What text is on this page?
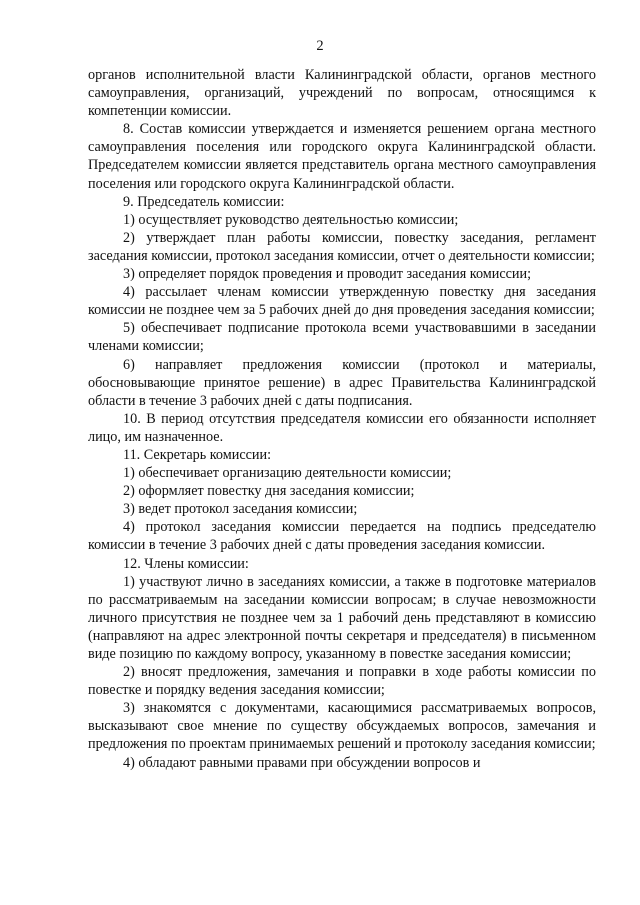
2

органов исполнительной власти Калининградской области, органов местного самоуправления, организаций, учреждений по вопросам, относящимся к компетенции комиссии.

8. Состав комиссии утверждается и изменяется решением органа местного самоуправления поселения или городского округа Калининградской области. Председателем комиссии является представитель органа местного самоуправления поселения или городского округа Калининградской области.

9. Председатель комиссии:

1) осуществляет руководство деятельностью комиссии;

2) утверждает план работы комиссии, повестку заседания, регламент заседания комиссии, протокол заседания комиссии, отчет о деятельности комиссии;

3) определяет порядок проведения и проводит заседания комиссии;

4) рассылает членам комиссии утвержденную повестку дня заседания комиссии не позднее чем за 5 рабочих дней до дня проведения заседания комиссии;

5) обеспечивает подписание протокола всеми участвовавшими в заседании членами комиссии;

6) направляет предложения комиссии (протокол и материалы, обосновывающие принятое решение) в адрес Правительства Калининградской области в течение 3 рабочих дней с даты подписания.

10. В период отсутствия председателя комиссии его обязанности исполняет лицо, им назначенное.

11. Секретарь комиссии:

1) обеспечивает организацию деятельности комиссии;

2) оформляет повестку дня заседания комиссии;

3) ведет протокол заседания комиссии;

4) протокол заседания комиссии передается на подпись председателю комиссии в течение 3 рабочих дней с даты проведения заседания комиссии.

12. Члены комиссии:

1) участвуют лично в заседаниях комиссии, а также в подготовке материалов по рассматриваемым на заседании комиссии вопросам; в случае невозможности личного присутствия не позднее чем за 1 рабочий день представляют в комиссию (направляют на адрес электронной почты секретаря и председателя) в письменном виде позицию по каждому вопросу, указанному в повестке заседания комиссии;

2) вносят предложения, замечания и поправки в ходе работы комиссии по повестке и порядку ведения заседания комиссии;

3) знакомятся с документами, касающимися рассматриваемых вопросов, высказывают свое мнение по существу обсуждаемых вопросов, замечания и предложения по проектам принимаемых решений и протоколу заседания комиссии;

4) обладают равными правами при обсуждении вопросов и
